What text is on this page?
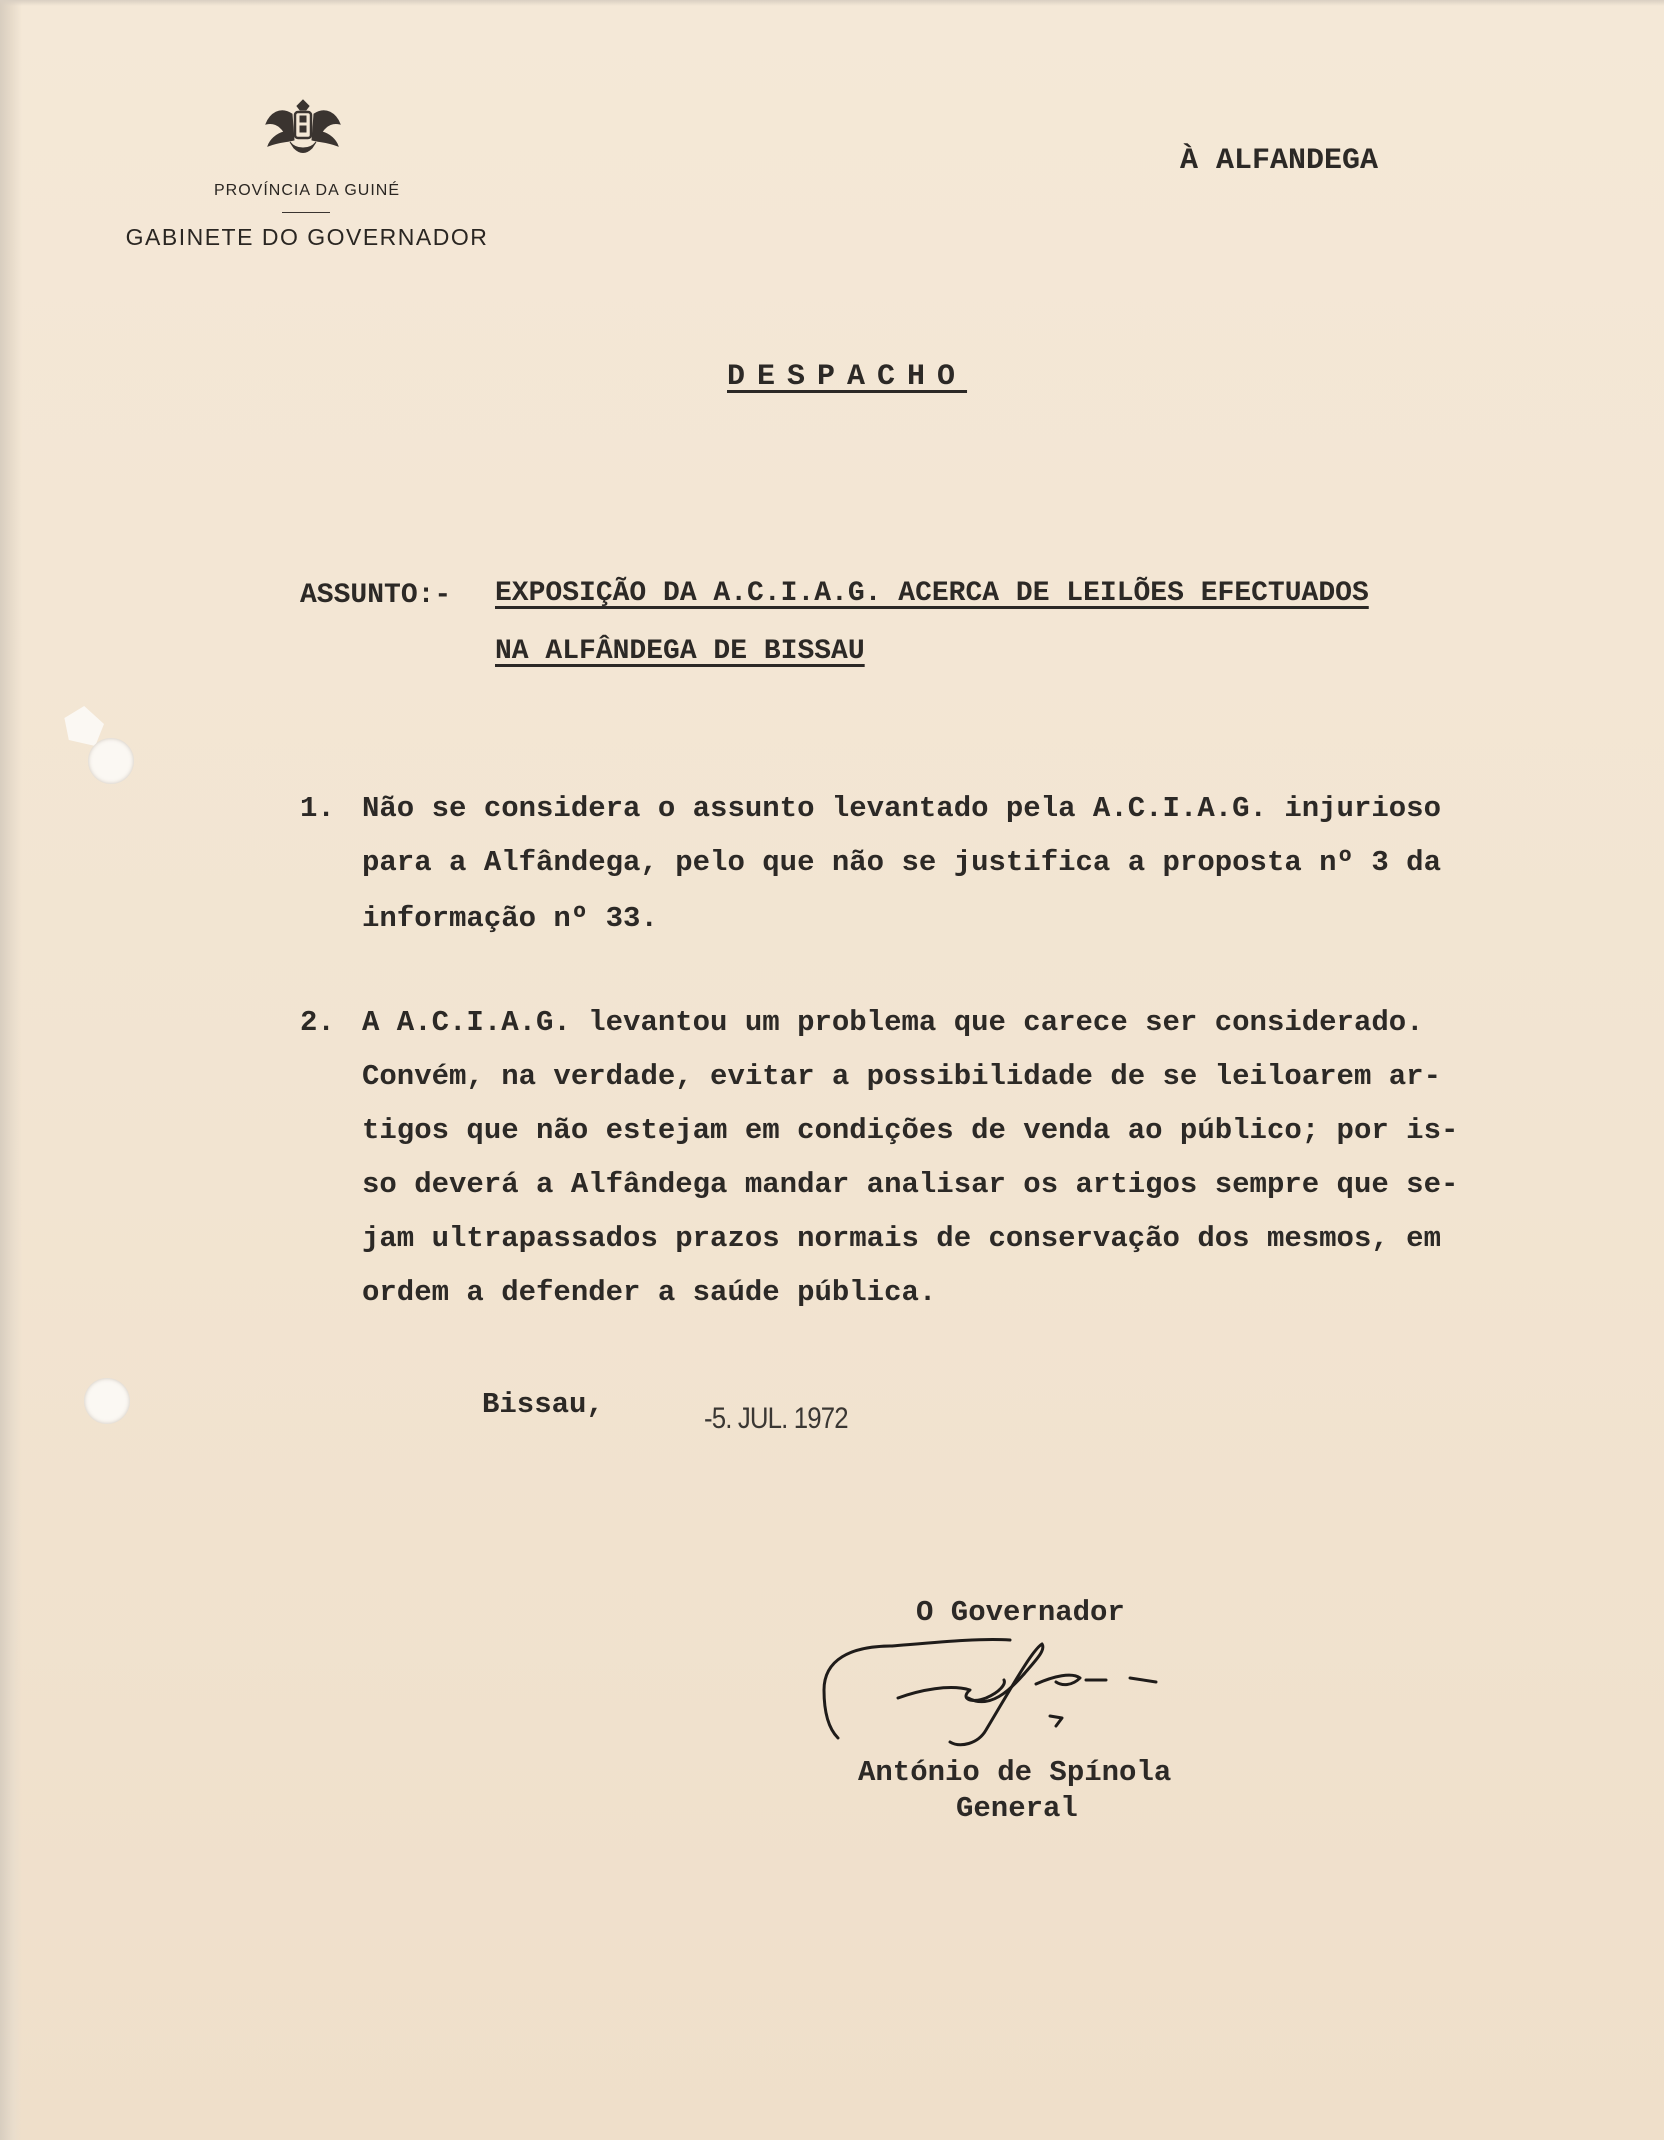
PROVÍNCIA DA GUINÉ
GABINETE DO GOVERNADOR
À ALFANDEGA
DESPACHO
ASSUNTO:- EXPOSIÇÃO DA A.C.I.A.G. ACERCA DE LEILÕES EFECTUADOS
NA ALFÂNDEGA DE BISSAU
1. Não se considera o assunto levantado pela A.C.I.A.G. injurioso
para a Alfândega, pelo que não se justifica a proposta nº 3 da
informação nº 33.
2. A A.C.I.A.G. levantou um problema que carece ser considerado.
Convém, na verdade, evitar a possibilidade de se leiloarem ar-
tigos que não estejam em condições de venda ao público; por is-
so deverá a Alfândega mandar analisar os artigos sempre que se-
jam ultrapassados prazos normais de conservação dos mesmos, em
ordem a defender a saúde pública.
Bissau,	-5. JUL. 1972
O Governador
António de Spínola
General
